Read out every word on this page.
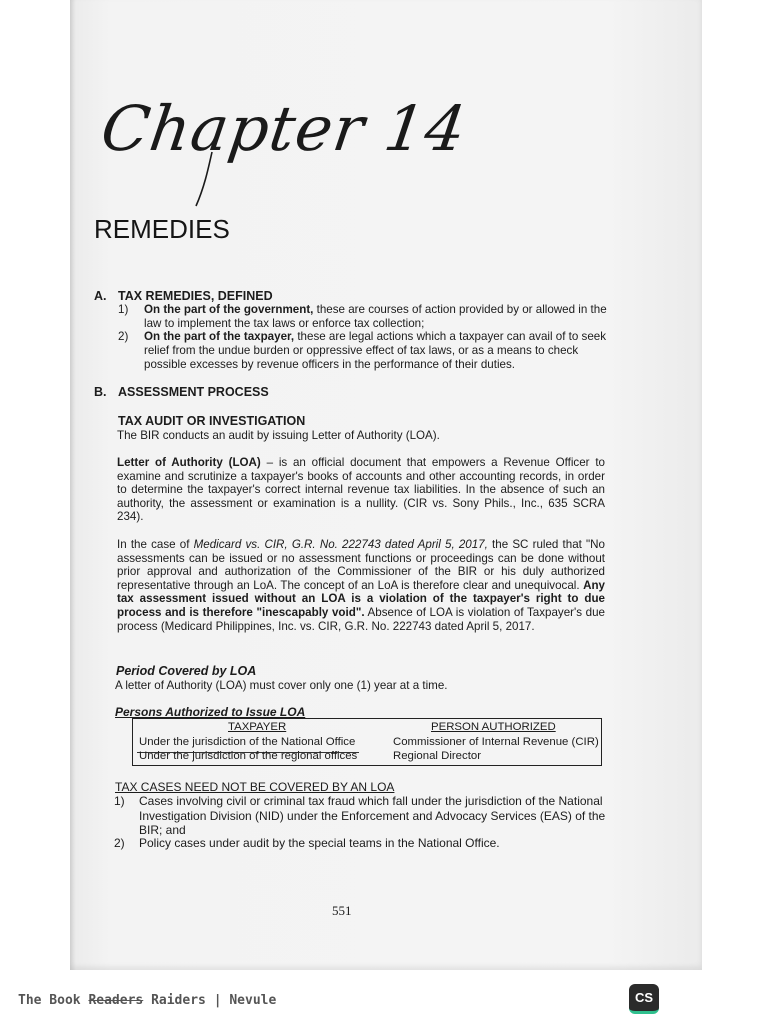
Chapter 14
REMEDIES
A. TAX REMEDIES, DEFINED
1) On the part of the government, these are courses of action provided by or allowed in the law to implement the tax laws or enforce tax collection;
2) On the part of the taxpayer, these are legal actions which a taxpayer can avail of to seek relief from the undue burden or oppressive effect of tax laws, or as a means to check possible excesses by revenue officers in the performance of their duties.
B. ASSESSMENT PROCESS
TAX AUDIT OR INVESTIGATION
The BIR conducts an audit by issuing Letter of Authority (LOA).
Letter of Authority (LOA) – is an official document that empowers a Revenue Officer to examine and scrutinize a taxpayer's books of accounts and other accounting records, in order to determine the taxpayer's correct internal revenue tax liabilities. In the absence of such an authority, the assessment or examination is a nullity. (CIR vs. Sony Phils., Inc., 635 SCRA 234).
In the case of Medicard vs. CIR, G.R. No. 222743 dated April 5, 2017, the SC ruled that "No assessments can be issued or no assessment functions or proceedings can be done without prior approval and authorization of the Commissioner of the BIR or his duly authorized representative through an LoA. The concept of an LoA is therefore clear and unequivocal. Any tax assessment issued without an LOA is a violation of the taxpayer's right to due process and is therefore "inescapably void". Absence of LOA is violation of Taxpayer's due process (Medicard Philippines, Inc. vs. CIR, G.R. No. 222743 dated April 5, 2017.
Period Covered by LOA
A letter of Authority (LOA) must cover only one (1) year at a time.
Persons Authorized to Issue LOA
TAXPAYER	PERSON AUTHORIZED
Under the jurisdiction of the National Office	Commissioner of Internal Revenue (CIR)
Under the jurisdiction of the regional offices	Regional Director
TAX CASES NEED NOT BE COVERED BY AN LOA
1) Cases involving civil or criminal tax fraud which fall under the jurisdiction of the National Investigation Division (NID) under the Enforcement and Advocacy Services (EAS) of the BIR; and
2) Policy cases under audit by the special teams in the National Office.
551
The Book Readers Raiders | Nevule	CS
